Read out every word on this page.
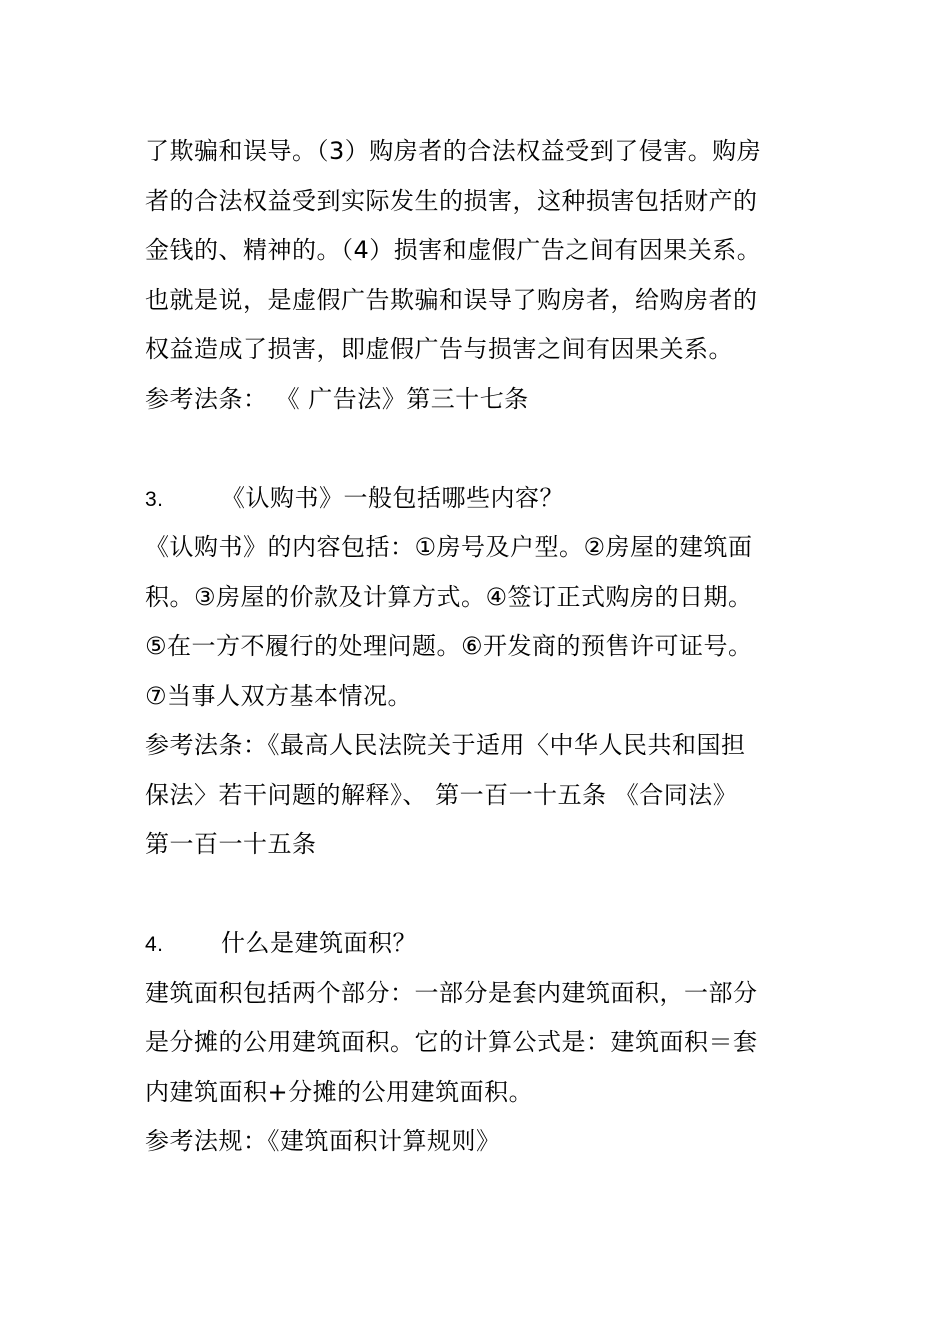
了欺骗和误导。（3）购房者的合法权益受到了侵害。购房
者的合法权益受到实际发生的损害，这种损害包括财产的
金钱的、精神的。（4）损害和虚假广告之间有因果关系。
也就是说，是虚假广告欺骗和误导了购房者，给购房者的
权益造成了损害，即虚假广告与损害之间有因果关系。
参考法条： 《 广告法》第三十七条
3. 《认购书》一般包括哪些内容？
《认购书》的内容包括：①房号及户型。②房屋的建筑面
积。③房屋的价款及计算方式。④签订正式购房的日期。
⑤在一方不履行的处理问题。⑥开发商的预售许可证号。
⑦当事人双方基本情况。
参考法条：《最高人民法院关于适用〈中华人民共和国担
保法〉若干问题的解释》、 第一百一十五条 《合同法》
第一百一十五条
4. 什么是建筑面积？
建筑面积包括两个部分：一部分是套内建筑面积，一部分
是分摊的公用建筑面积。它的计算公式是：建筑面积＝套
内建筑面积+分摊的公用建筑面积。
参考法规：《建筑面积计算规则》
